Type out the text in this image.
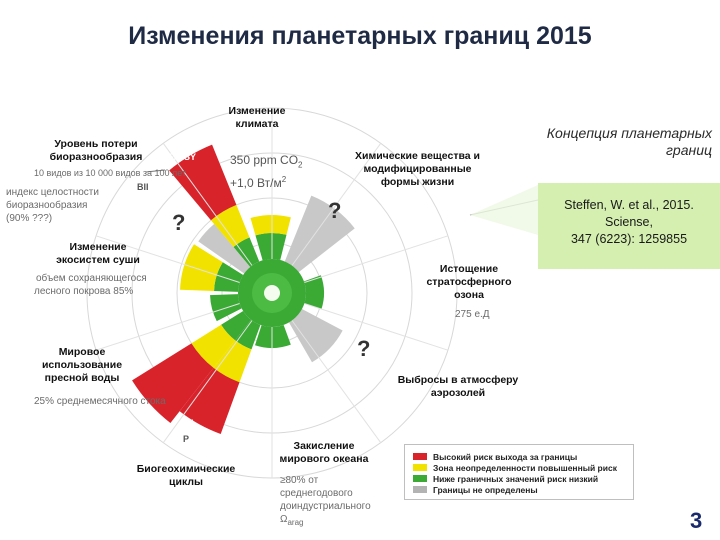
Изменения планетарных границ 2015
?
?
?
E/MSY
BII
N
P
Изменение
климата
350 ppm $CO_2$
+1,0 $Вт/м^2$
Уровень потери
биоразнообразия
10 видов из 10 000 видов за 100 лет
индекс целостности
биоразнообразия
(90% ???)
Химические вещества и
модифицированные
формы жизни
Изменение
экосистем суши
объем сохраняющегося
лесного покрова 85%
Истощение
стратосферного
озона
275 е.Д
Мировое
использование
пресной воды
25% среднемесячного стока
Выбросы в атмосферу
аэрозолей
Биогеохимические
циклы
Закисление
мирового океана
≥80% от
среднегодового
доиндустриального
$\Omega_{arag}$
Концепция планетарных
границ
Steffen, W. et al., 2015.
Sciense,
347 (6223): 1259855
Высокий риск выхода за границы
Зона неопределенности повышенный риск
Ниже граничных значений риск низкий
Границы не определены
3
